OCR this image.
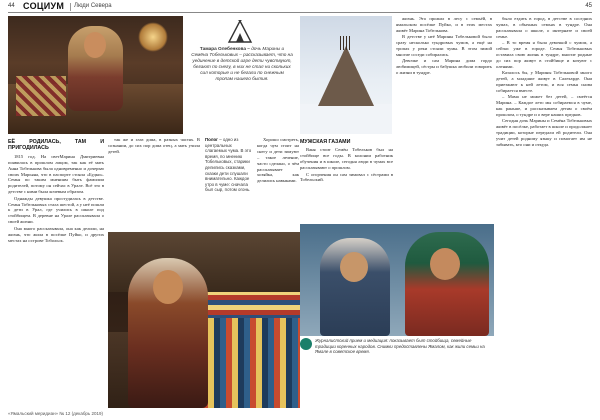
44 СОЦИУМ Люди Севера	45
Тамара Олебенкова – дочь Марины и Семёна Тобельковых – рассказывает, что на уединение в детской игре дети чувствуют, бегают по снегу, в них не стал ни скольких сил которые и не бегали по снежным тропам нашего бытия.
ЕЁ РОДИЛАСЬ, ТАМ И ПРИГОДИЛАСЬ

1815 год. На светМарина Дмитриевна появилась в прошлом лицом, так как её мать Анна Тобелькова была одновременно и дочерью своих Марьяна, что в паспорте стояла «Будки». Семья по таким мнениям быть фамилии родителей, потому он сейчас в Урале. Всё это в детстве с ними была кочевым образом.

Однажды девушка простудилась в детстве. Семья Тобельковых стала шестой, а у неё пошли к дети в Урал, где учились в школе под стойбищем. В деревне на Урале рассказывала о своей жизни.

Она много рассказывала, она как делили, на жизнь, что жила в посёлке Пуйко, и других местах на острове Тобольск.

так же и глаз дома, в разных частях. В сознании, до сих пор дома отец, а мать учила детей.

Полог – одно из центральных слагаемых чума. В это время, по мнению Тобельковых, старики делились сказками, сказки дети слушали внимательно. Каждое утро в чуме: сначала был сыр, потом огонь.

Хорошо смотреть, когда чум стоит на снегу и дети зимуют – такое лечение, часто сделано, о чём рассказывает хозяйка, как делились навыками.

МУЖСКАЯ ГАЗАМИ

Ваня стоит Семён Тобельков был на стойбище все годы. В колонии работник обучения и в школе, сегодня люди в чумах все рассказывают о прошлом.

С огорчения он сам зимовал с сёстрами в Тобельский.

жизнь. Эта прожил в лесу с семьёй, в ямальском посёлке Пуйко, и в этих местах живёт Марина Тобелькова.

В детстве у неё Марины Тобельковой было сразу несколько тундровых чумов, а ещё на тропах у реки стояли чумы. В этом зимой многие соседи собирались.

Девочке и сам Марина дома гордо любимицей, сёстры и бабушка любили говорить о жизни в тундре.

было ездить в город, в детстве в соседних чумах, в обычных семьях в тундре. Она рассказывала о школе, о интернате и своей семье.

– В то время я была девочкой с чумом, а сейчас уже в городе. Семья Тобельковых оставила свою жизнь в тундре, многие родные до сих пор живут в стойбище и кочуют с оленями.

Казалось бы, у Марины Тобельковой много детей, а младшие живут в Салехарде. Они приезжают к ней летом, и вся семья снова собирается вместе.

– Мама не может без детей, – смеётся Марина. – Каждое лето мы собираемся в чуме, как раньше, и рассказываем детям о своём прошлом, о тундре и о вере наших предков.

Сегодня дочь Марины и Семёна Тобельковых живёт в посёлке, работает в школе и продолжает традиции, которые передали ей родители. Она учит детей родному языку и помогает им не забывать, кто они и откуда.

Журналистский прием и медиация: показывает быт стойбища, семейные традиции коренных народов. Снимки предоставлены Ямалом, как жили семьи на Ямале в советское время.
«Ямальский меридиан» № 12 (декабрь 2019)
